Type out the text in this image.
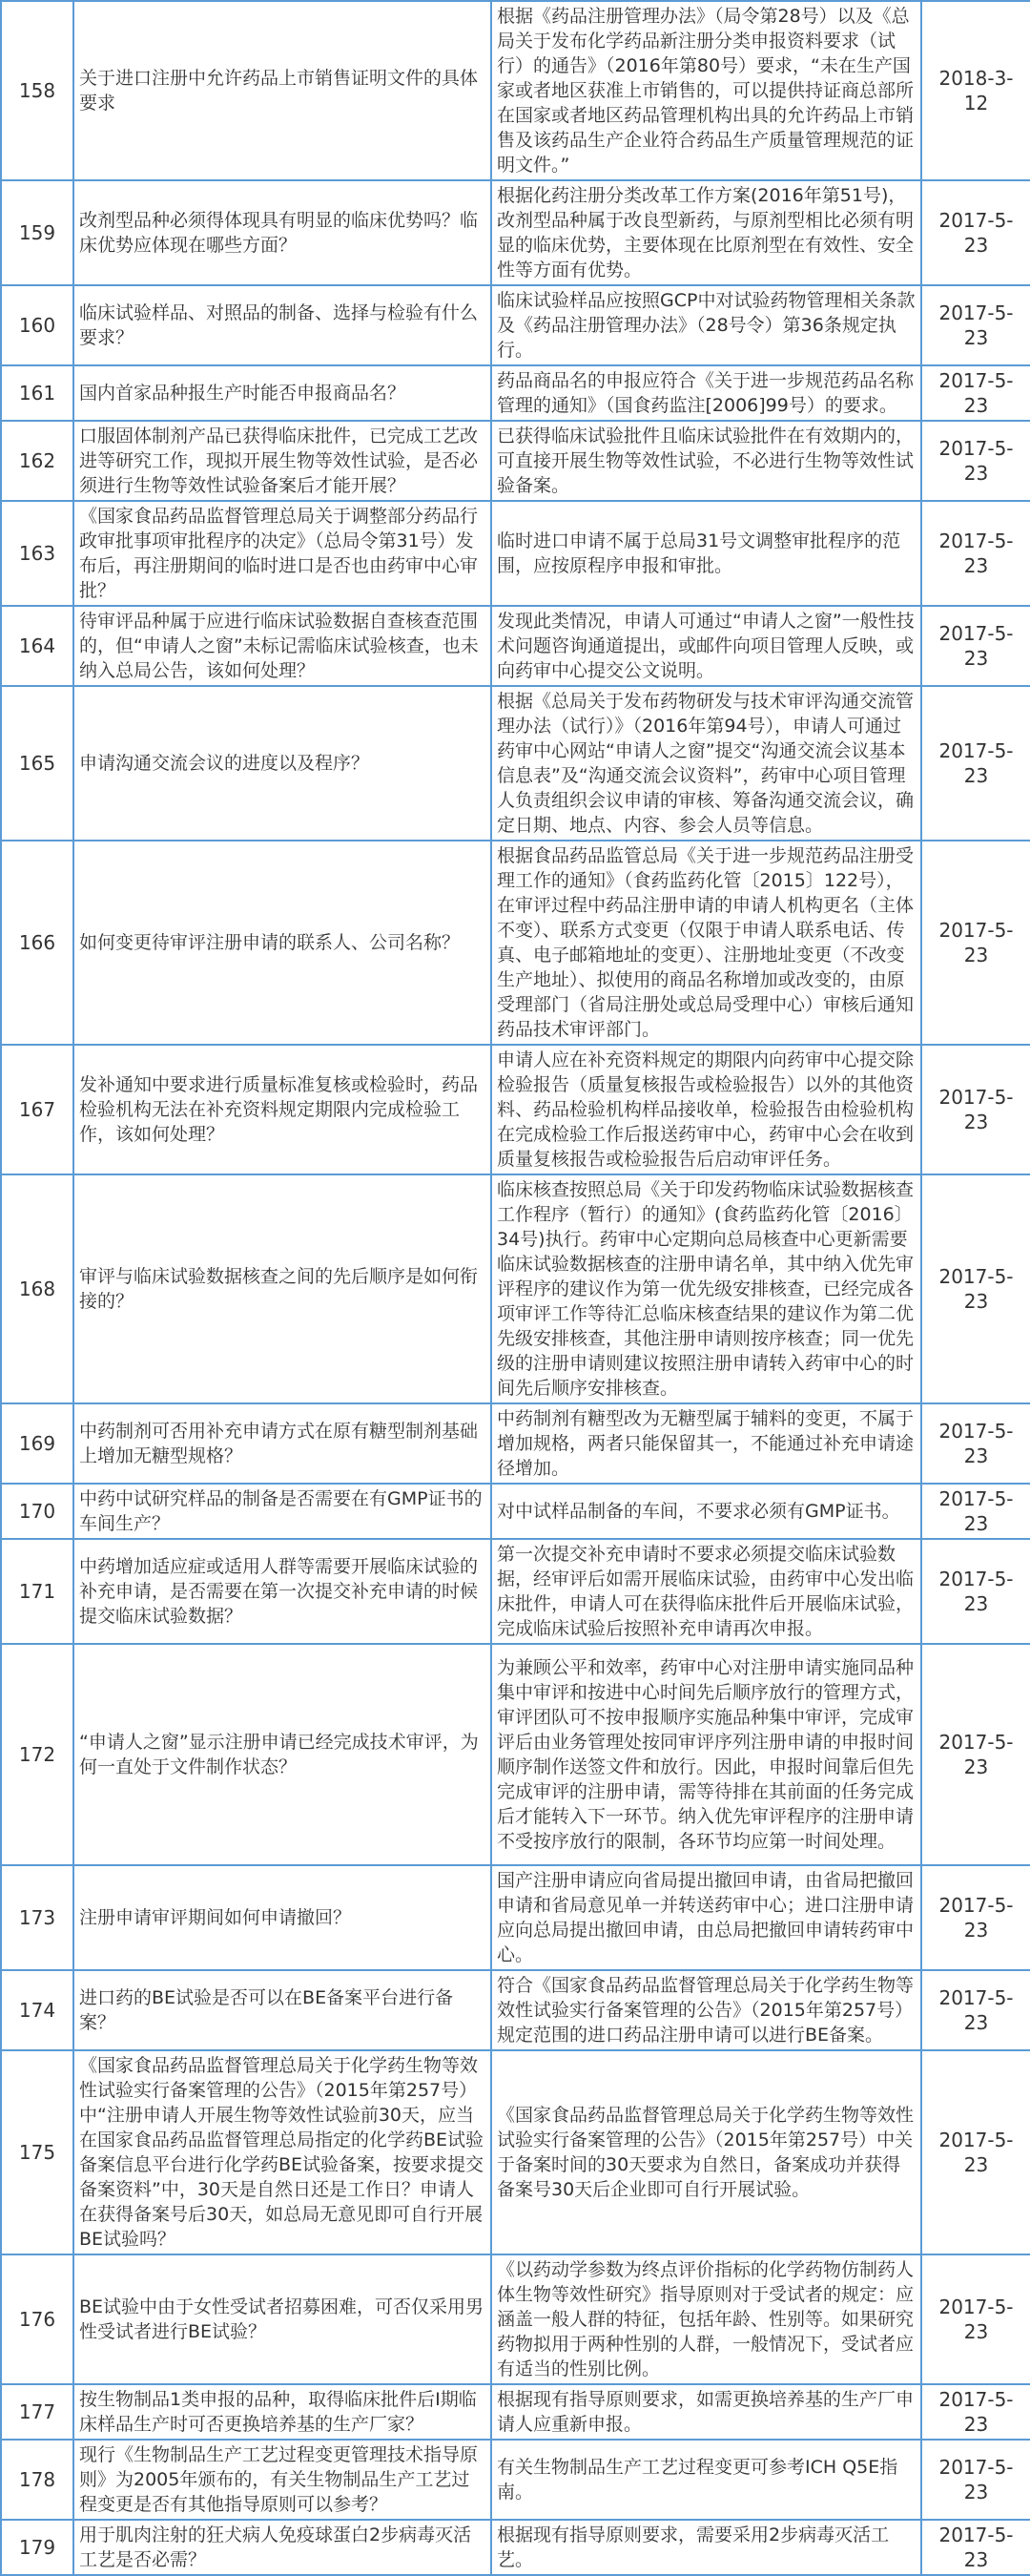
158	关于进口注册中允许药品上市销售证明文件的具体要求	根据《药品注册管理办法》（局令第28号）以及《总局关于发布化学药品新注册分类申报资料要求（试行）的通告》（2016年第80号）要求，“未在生产国家或者地区获准上市销售的，可以提供持证商总部所在国家或者地区药品管理机构出具的允许药品上市销售及该药品生产企业符合药品生产质量管理规范的证明文件。”	2018-3-12
159	改剂型品种必须得体现具有明显的临床优势吗？临床优势应体现在哪些方面？	根据化药注册分类改革工作方案(2016年第51号)，改剂型品种属于改良型新药，与原剂型相比必须有明显的临床优势，主要体现在比原剂型在有效性、安全性等方面有优势。	2017-5-23
160	临床试验样品、对照品的制备、选择与检验有什么要求？	临床试验样品应按照GCP中对试验药物管理相关条款及《药品注册管理办法》（28号令）第36条规定执行。	2017-5-23
161	国内首家品种报生产时能否申报商品名？	药品商品名的申报应符合《关于进一步规范药品名称管理的通知》（国食药监注[2006]99号）的要求。	2017-5-23
162	口服固体制剂产品已获得临床批件，已完成工艺改进等研究工作，现拟开展生物等效性试验，是否必须进行生物等效性试验备案后才能开展？	已获得临床试验批件且临床试验批件在有效期内的，可直接开展生物等效性试验，不必进行生物等效性试验备案。	2017-5-23
163	《国家食品药品监督管理总局关于调整部分药品行政审批事项审批程序的决定》（总局令第31号）发布后，再注册期间的临时进口是否也由药审中心审批？	临时进口申请不属于总局31号文调整审批程序的范围，应按原程序申报和审批。	2017-5-23
164	待审评品种属于应进行临床试验数据自查核查范围的，但“申请人之窗”未标记需临床试验核查，也未纳入总局公告，该如何处理？	发现此类情况，申请人可通过“申请人之窗”一般性技术问题咨询通道提出，或邮件向项目管理人反映，或向药审中心提交公文说明。	2017-5-23
165	申请沟通交流会议的进度以及程序？	根据《总局关于发布药物研发与技术审评沟通交流管理办法（试行）》（2016年第94号），申请人可通过药审中心网站“申请人之窗”提交“沟通交流会议基本信息表”及“沟通交流会议资料”，药审中心项目管理人负责组织会议申请的审核、筹备沟通交流会议，确定日期、地点、内容、参会人员等信息。	2017-5-23
166	如何变更待审评注册申请的联系人、公司名称？	根据食品药品监管总局《关于进一步规范药品注册受理工作的通知》（食药监药化管〔2015〕122号），在审评过程中药品注册申请的申请人机构更名（主体不变）、联系方式变更（仅限于申请人联系电话、传真、电子邮箱地址的变更）、注册地址变更（不改变生产地址）、拟使用的商品名称增加或改变的，由原受理部门（省局注册处或总局受理中心）审核后通知药品技术审评部门。	2017-5-23
167	发补通知中要求进行质量标准复核或检验时，药品检验机构无法在补充资料规定期限内完成检验工作，该如何处理？	申请人应在补充资料规定的期限内向药审中心提交除检验报告（质量复核报告或检验报告）以外的其他资料、药品检验机构样品接收单，检验报告由检验机构在完成检验工作后报送药审中心，药审中心会在收到质量复核报告或检验报告后启动审评任务。	2017-5-23
168	审评与临床试验数据核查之间的先后顺序是如何衔接的？	临床核查按照总局《关于印发药物临床试验数据核查工作程序（暂行）的通知》(食药监药化管〔2016〕34号)执行。药审中心定期向总局核查中心更新需要临床试验数据核查的注册申请名单，其中纳入优先审评程序的建议作为第一优先级安排核查，已经完成各项审评工作等待汇总临床核查结果的建议作为第二优先级安排核查，其他注册申请则按序核查；同一优先级的注册申请则建议按照注册申请转入药审中心的时间先后顺序安排核查。	2017-5-23
169	中药制剂可否用补充申请方式在原有糖型制剂基础上增加无糖型规格？	中药制剂有糖型改为无糖型属于辅料的变更，不属于增加规格，两者只能保留其一，不能通过补充申请途径增加。	2017-5-23
170	中药中试研究样品的制备是否需要在有GMP证书的车间生产？	对中试样品制备的车间，不要求必须有GMP证书。	2017-5-23
171	中药增加适应症或适用人群等需要开展临床试验的补充申请，是否需要在第一次提交补充申请的时候提交临床试验数据？	第一次提交补充申请时不要求必须提交临床试验数据，经审评后如需开展临床试验，由药审中心发出临床批件，申请人可在获得临床批件后开展临床试验，完成临床试验后按照补充申请再次申报。	2017-5-23
172	“申请人之窗”显示注册申请已经完成技术审评，为何一直处于文件制作状态？	为兼顾公平和效率，药审中心对注册申请实施同品种集中审评和按进中心时间先后顺序放行的管理方式，审评团队可不按申报顺序实施品种集中审评，完成审评后由业务管理处按同审评序列注册申请的申报时间顺序制作送签文件和放行。因此，申报时间靠后但先完成审评的注册申请，需等待排在其前面的任务完成后才能转入下一环节。纳入优先审评程序的注册申请不受按序放行的限制，各环节均应第一时间处理。	2017-5-23
173	注册申请审评期间如何申请撤回？	国产注册申请应向省局提出撤回申请，由省局把撤回申请和省局意见单一并转送药审中心；进口注册申请应向总局提出撤回申请，由总局把撤回申请转药审中心。	2017-5-23
174	进口药的BE试验是否可以在BE备案平台进行备案？	符合《国家食品药品监督管理总局关于化学药生物等效性试验实行备案管理的公告》（2015年第257号）规定范围的进口药品注册申请可以进行BE备案。	2017-5-23
175	《国家食品药品监督管理总局关于化学药生物等效性试验实行备案管理的公告》（2015年第257号）中“注册申请人开展生物等效性试验前30天，应当在国家食品药品监督管理总局指定的化学药BE试验备案信息平台进行化学药BE试验备案，按要求提交备案资料”中，30天是自然日还是工作日？申请人在获得备案号后30天，如总局无意见即可自行开展BE试验吗？	《国家食品药品监督管理总局关于化学药生物等效性试验实行备案管理的公告》（2015年第257号）中关于备案时间的30天要求为自然日，备案成功并获得备案号30天后企业即可自行开展试验。	2017-5-23
176	BE试验中由于女性受试者招募困难，可否仅采用男性受试者进行BE试验？	《以药动学参数为终点评价指标的化学药物仿制药人体生物等效性研究》指导原则对于受试者的规定：应涵盖一般人群的特征，包括年龄、性别等。如果研究药物拟用于两种性别的人群，一般情况下，受试者应有适当的性别比例。	2017-5-23
177	按生物制品1类申报的品种，取得临床批件后Ⅰ期临床样品生产时可否更换培养基的生产厂家？	根据现有指导原则要求，如需更换培养基的生产厂申请人应重新申报。	2017-5-23
178	现行《生物制品生产工艺过程变更管理技术指导原则》为2005年颁布的，有关生物制品生产工艺过程变更是否有其他指导原则可以参考？	有关生物制品生产工艺过程变更可参考ICH Q5E指南。	2017-5-23
179	用于肌肉注射的狂犬病人免疫球蛋白2步病毒灭活工艺是否必需？	根据现有指导原则要求，需要采用2步病毒灭活工艺。	2017-5-23
